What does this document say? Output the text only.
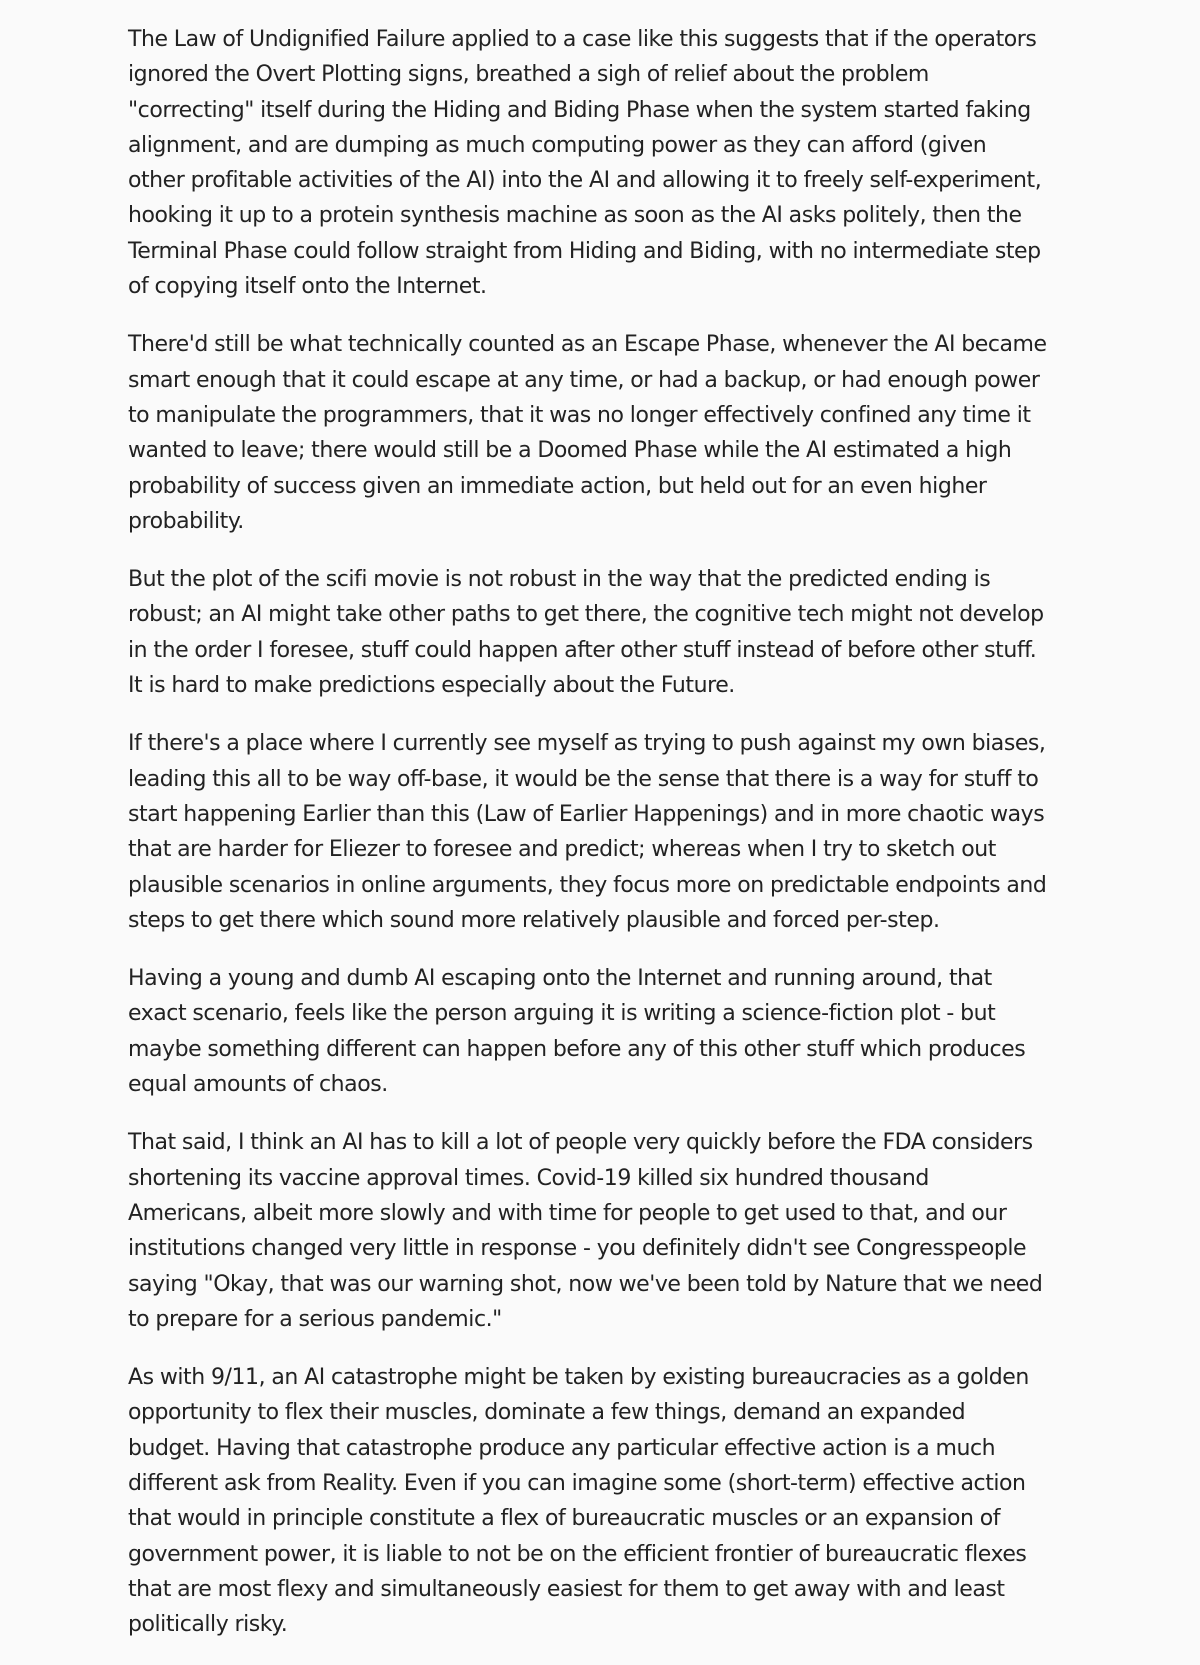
The Law of Undignified Failure applied to a case like this suggests that if the operators ignored the Overt Plotting signs, breathed a sigh of relief about the problem "correcting" itself during the Hiding and Biding Phase when the system started faking alignment, and are dumping as much computing power as they can afford (given other profitable activities of the AI) into the AI and allowing it to freely self-experiment, hooking it up to a protein synthesis machine as soon as the AI asks politely, then the Terminal Phase could follow straight from Hiding and Biding, with no intermediate step of copying itself onto the Internet.

There'd still be what technically counted as an Escape Phase, whenever the AI became smart enough that it could escape at any time, or had a backup, or had enough power to manipulate the programmers, that it was no longer effectively confined any time it wanted to leave; there would still be a Doomed Phase while the AI estimated a high probability of success given an immediate action, but held out for an even higher probability.

But the plot of the scifi movie is not robust in the way that the predicted ending is robust; an AI might take other paths to get there, the cognitive tech might not develop in the order I foresee, stuff could happen after other stuff instead of before other stuff. It is hard to make predictions especially about the Future.

If there's a place where I currently see myself as trying to push against my own biases, leading this all to be way off-base, it would be the sense that there is a way for stuff to start happening Earlier than this (Law of Earlier Happenings) and in more chaotic ways that are harder for Eliezer to foresee and predict; whereas when I try to sketch out plausible scenarios in online arguments, they focus more on predictable endpoints and steps to get there which sound more relatively plausible and forced per-step.

Having a young and dumb AI escaping onto the Internet and running around, that exact scenario, feels like the person arguing it is writing a science-fiction plot - but maybe something different can happen before any of this other stuff which produces equal amounts of chaos.

That said, I think an AI has to kill a lot of people very quickly before the FDA considers shortening its vaccine approval times. Covid-19 killed six hundred thousand Americans, albeit more slowly and with time for people to get used to that, and our institutions changed very little in response - you definitely didn't see Congresspeople saying "Okay, that was our warning shot, now we've been told by Nature that we need to prepare for a serious pandemic."

As with 9/11, an AI catastrophe might be taken by existing bureaucracies as a golden opportunity to flex their muscles, dominate a few things, demand an expanded budget. Having that catastrophe produce any particular effective action is a much different ask from Reality. Even if you can imagine some (short-term) effective action that would in principle constitute a flex of bureaucratic muscles or an expansion of government power, it is liable to not be on the efficient frontier of bureaucratic flexes that are most flexy and simultaneously easiest for them to get away with and least politically risky.
